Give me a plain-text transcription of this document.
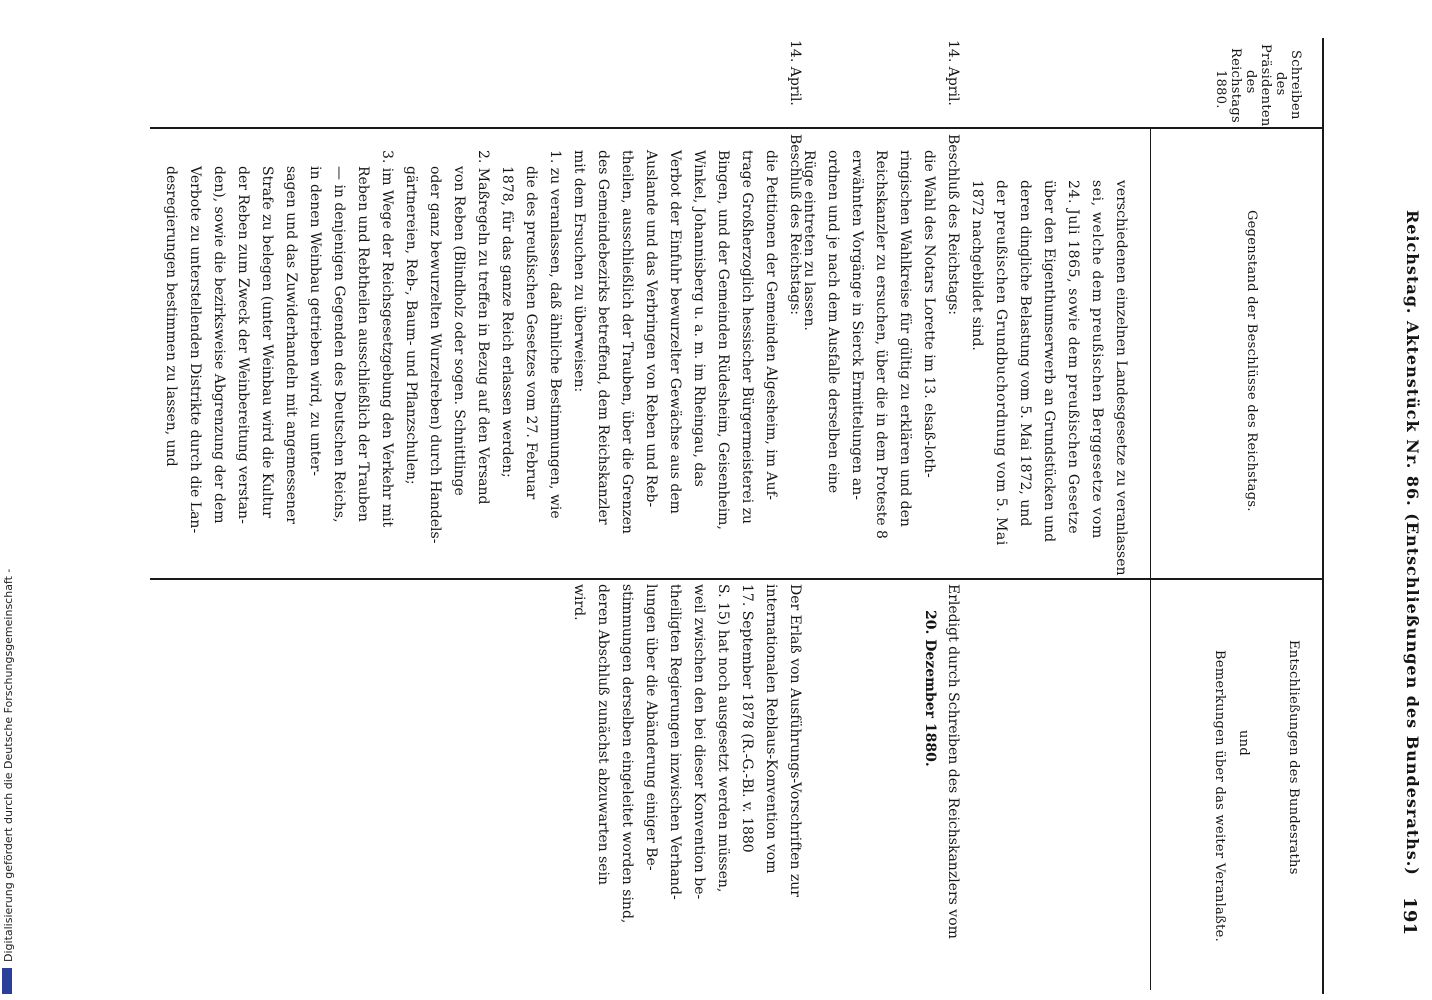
Reichstag. Aktenstück Nr. 86. (Entschließungen des Bundesraths.)
191
Schreiben
des
Präsidenten
des
Reichstags
1880.
Gegenstand der Beschlüsse des Reichstags.
Entschließungen des Bundesraths
und
Bemerkungen über das weiter Veranlaßte.
14. April.
14. April.
verschiedenen einzelnen Landesgesetze zu veranlassen
sei, welche dem preußischen Berggesetze vom
24. Juli 1865, sowie dem preußischen Gesetze
über den Eigenthumserwerb an Grundstücken und
deren dingliche Belastung vom 5. Mai 1872, und
der preußischen Grundbuchordnung vom 5. Mai
1872 nachgebildet sind.
Erledigt durch Schreiben des Reichskanzlers vom
20. Dezember 1880.
Beschluß des Reichstags:
die Wahl des Notars Lorette im 13. elsaß-loth-
ringischen Wahlkreise für gültig zu erklären und den
Reichskanzler zu ersuchen, über die in dem Proteste 8
erwähnten Vorgänge in Sierck Ermittelungen an-
ordnen und je nach dem Ausfalle derselben eine
Rüge eintreten zu lassen.
Beschluß des Reichstags:
die Petitionen der Gemeinden Algesheim, im Auf-
trage Großherzoglich hessischer Bürgermeisterei zu
Bingen, und der Gemeinden Rüdesheim, Geisenheim,
Winkel, Johannisberg u. a. m. im Rheingau, das
Verbot der Einfuhr bewurzelter Gewächse aus dem
Auslande und das Verbringen von Reben und Reb-
theilen, ausschließlich der Trauben, über die Grenzen
des Gemeindebezirks betreffend, dem Reichskanzler
mit dem Ersuchen zu überweisen:
1. zu veranlassen, daß ähnliche Bestimmungen, wie
die des preußischen Gesetzes vom 27. Februar
1878, für das ganze Reich erlassen werden;
2. Maßregeln zu treffen in Bezug auf den Versand
von Reben (Blindholz oder sogen. Schnittlinge
oder ganz bewurzelten Wurzelreben) durch Handels-
gärtnereien, Reb-, Baum- und Pflanzschulen;
3. im Wege der Reichsgesetzgebung den Verkehr mit
Reben und Rebtheilen ausschließlich der Trauben
— in denjenigen Gegenden des Deutschen Reichs,
in denen Weinbau getrieben wird, zu unter-
sagen und das Zuwiderhandeln mit angemessener
Strafe zu belegen (unter Weinbau wird die Kultur
der Reben zum Zweck der Weinbereitung verstan-
den), sowie die bezirksweise Abgrenzung der dem
Verbote zu unterstellenden Distrikte durch die Lan-
desregierungen bestimmen zu lassen, und
Der Erlaß von Ausführungs-Vorschriften zur
internationalen Reblaus-Konvention vom
17. September 1878 (R.-G.-Bl. v. 1880
S. 15) hat noch ausgesetzt werden müssen,
weil zwischen den bei dieser Konvention be-
theiligten Regierungen inzwischen Verhand-
lungen über die Abänderung einiger Be-
stimmungen derselben eingeleitet worden sind,
deren Abschluß zunächst abzuwarten sein
wird.
Digitalisierung gefördert durch die Deutsche Forschungsgemeinschaft -
DFG
